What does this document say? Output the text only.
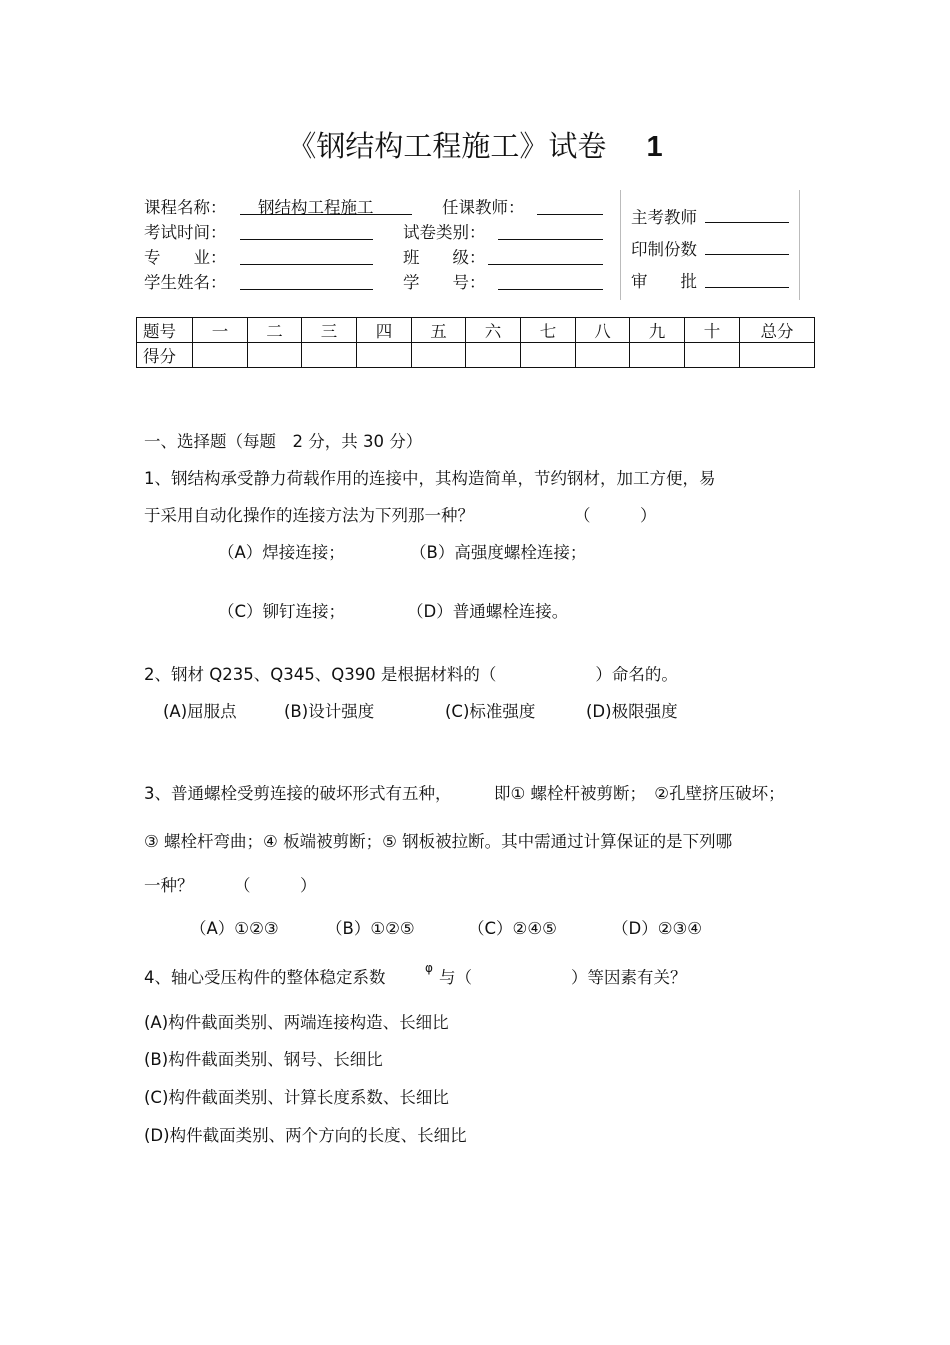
《钢结构工程施工》试卷 1
课程名称： 钢结构工程施工	任课教师：
考试时间：	试卷类别：
专　　业：	班　　级：
学生姓名：	学　　号：
主考教师
印制份数
审　　批
题号	一	二	三	四	五	六	七	八	九	十	总分
得分											
一、选择题（每题　2 分，共 30 分）
1、钢结构承受静力荷载作用的连接中，其构造简单，节约钢材，加工方便，易
于采用自动化操作的连接方法为下列那一种？	（　　　）
（A）焊接连接；	（B）高强度螺栓连接；
（C）铆钉连接；	（D）普通螺栓连接。
2、钢材 Q235、Q345、Q390 是根据材料的（　　　　　　）命名的。
(A)屈服点	(B)设计强度	(C)标准强度	(D)极限强度
3、普通螺栓受剪连接的破坏形式有五种，	即① 螺栓杆被剪断；　②孔壁挤压破坏；
③ 螺栓杆弯曲；④ 板端被剪断；⑤ 钢板被拉断。其中需通过计算保证的是下列哪
一种？ （　　　）
（A）①②③	（B）①②⑤	（C）②④⑤	（D）②③④
4、轴心受压构件的整体稳定系数	φ 与（　　　　　　）等因素有关？
(A)构件截面类别、两端连接构造、长细比
(B)构件截面类别、钢号、长细比
(C)构件截面类别、计算长度系数、长细比
(D)构件截面类别、两个方向的长度、长细比
